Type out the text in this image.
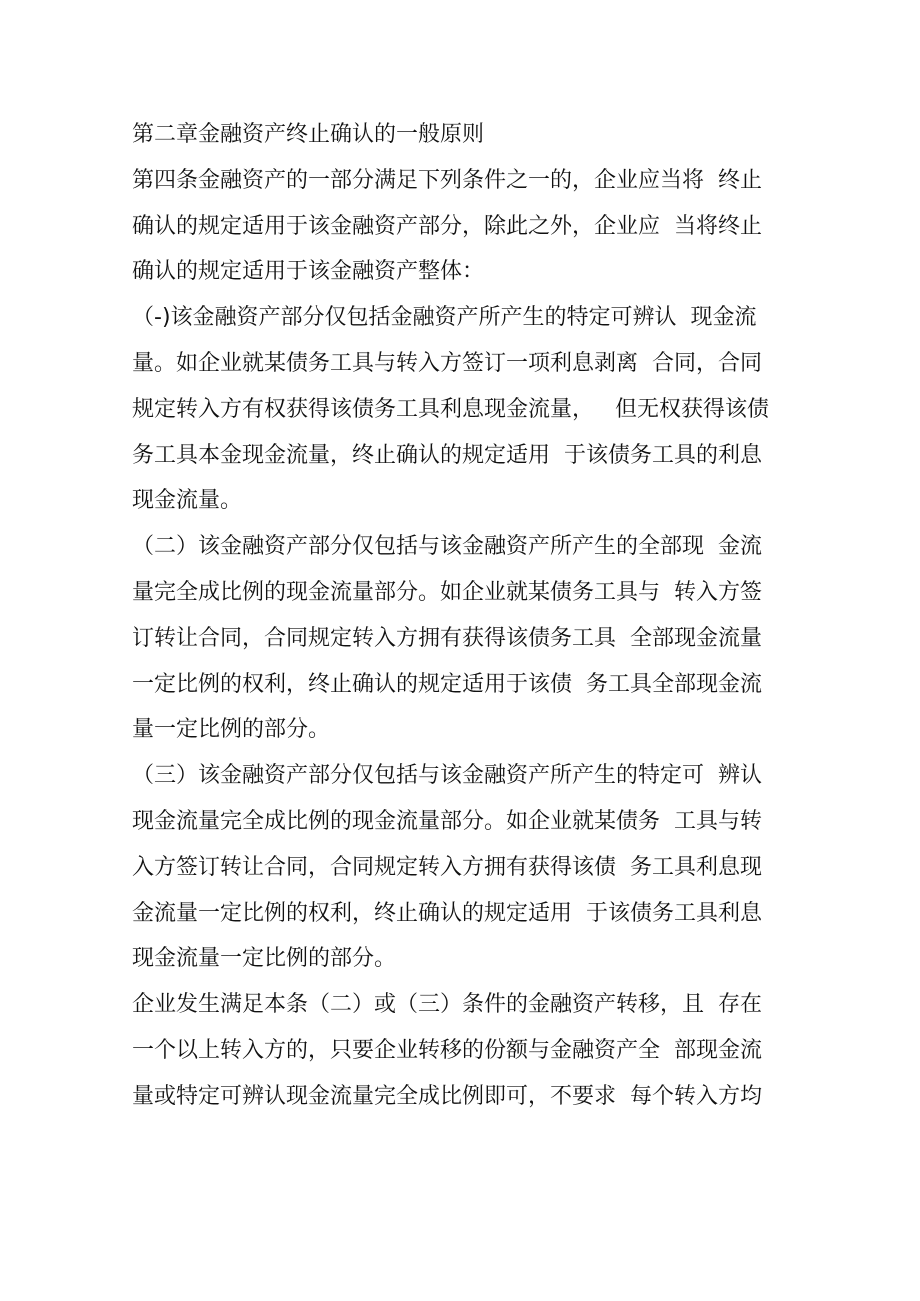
第二章金融资产终止确认的一般原则
第四条金融资产的一部分满足下列条件之一的，企业应当将  终止
确认的规定适用于该金融资产部分，除此之外，企业应  当将终止
确认的规定适用于该金融资产整体：
（-)该金融资产部分仅包括金融资产所产生的特定可辨认  现金流
量。如企业就某债务工具与转入方签订一项利息剥离  合同，合同
规定转入方有权获得该债务工具利息现金流量，   但无权获得该债
务工具本金现金流量，终止确认的规定适用  于该债务工具的利息
现金流量。
（二）该金融资产部分仅包括与该金融资产所产生的全部现  金流
量完全成比例的现金流量部分。如企业就某债务工具与  转入方签
订转让合同，合同规定转入方拥有获得该债务工具  全部现金流量
一定比例的权利，终止确认的规定适用于该债  务工具全部现金流
量一定比例的部分。
（三）该金融资产部分仅包括与该金融资产所产生的特定可  辨认
现金流量完全成比例的现金流量部分。如企业就某债务  工具与转
入方签订转让合同，合同规定转入方拥有获得该债  务工具利息现
金流量一定比例的权利，终止确认的规定适用  于该债务工具利息
现金流量一定比例的部分。
企业发生满足本条（二）或（三）条件的金融资产转移，且  存在
一个以上转入方的，只要企业转移的份额与金融资产全  部现金流
量或特定可辨认现金流量完全成比例即可，不要求  每个转入方均
